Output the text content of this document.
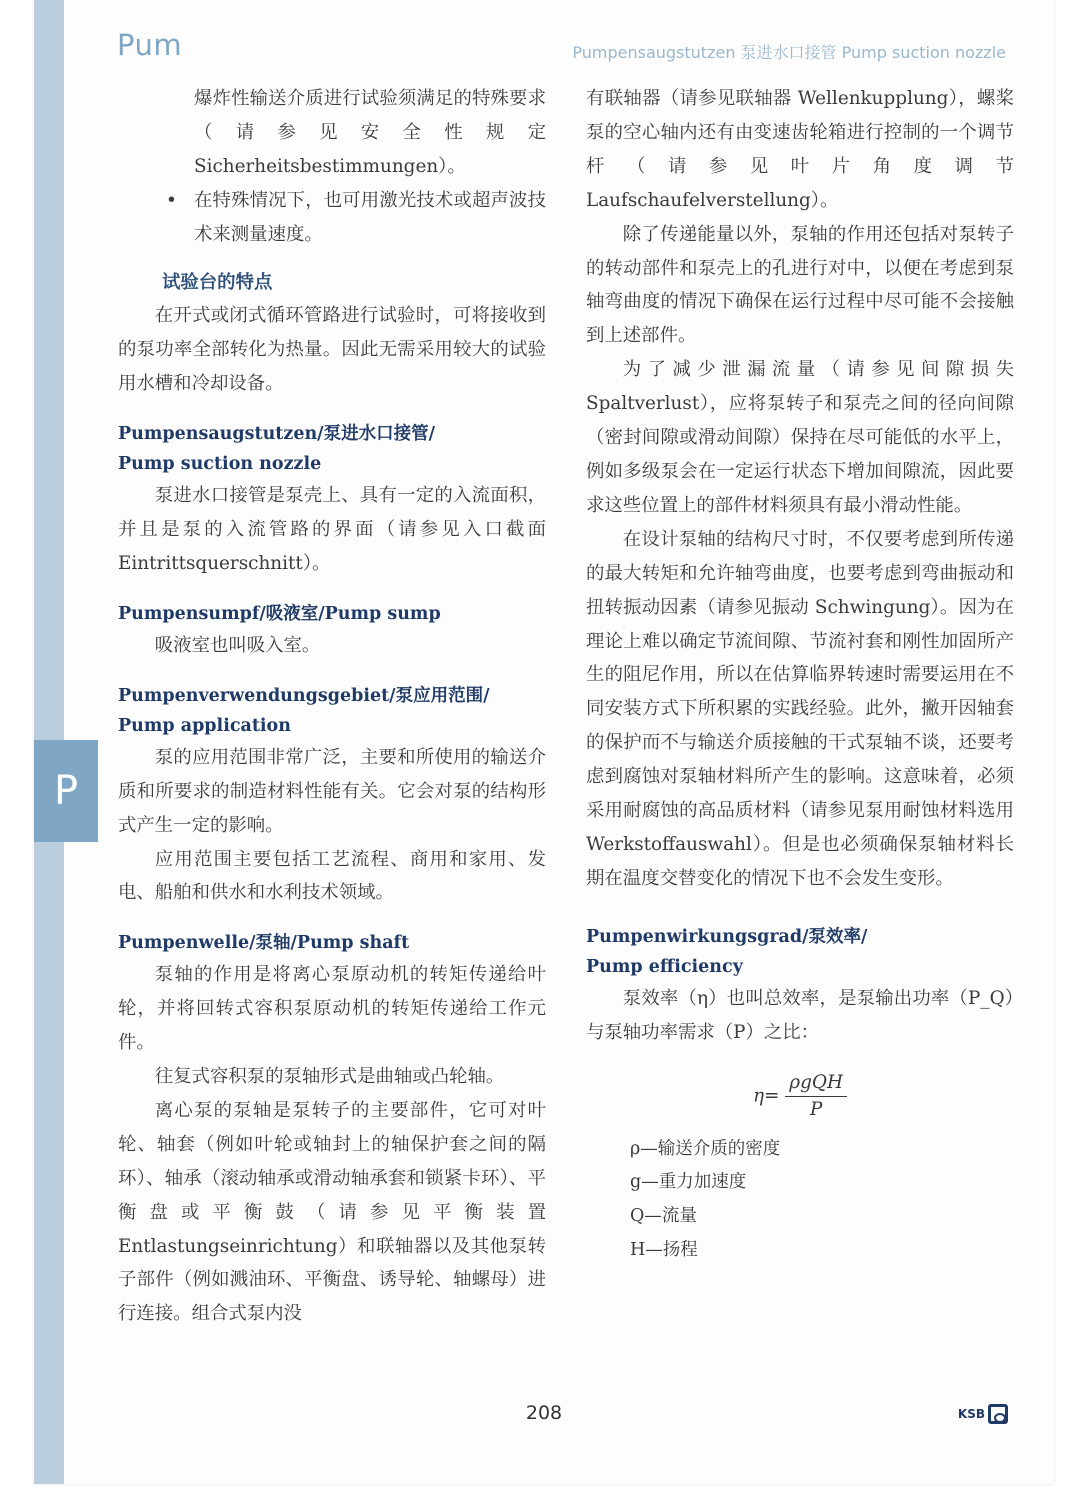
P
Pum	Pumpensaugstutzen 泵进水口接管 Pump suction nozzle

爆炸性输送介质进行试验须满足的特殊要求（请参见安全性规定 Sicherheitsbestimmungen）。

• 在特殊情况下，也可用激光技术或超声波技术来测量速度。
试验台的特点

在开式或闭式循环管路进行试验时，可将接收到的泵功率全部转化为热量。因此无需采用较大的试验用水槽和冷却设备。

Pumpensaugstutzen/泵进水口接管/
Pump suction nozzle

泵进水口接管是泵壳上、具有一定的入流面积，并且是泵的入流管路的界面（请参见入口截面 Eintrittsquerschnitt）。

Pumpensumpf/吸液室/Pump sump

吸液室也叫吸入室。

Pumpenverwendungsgebiet/泵应用范围/
Pump application

泵的应用范围非常广泛，主要和所使用的输送介质和所要求的制造材料性能有关。它会对泵的结构形式产生一定的影响。

应用范围主要包括工艺流程、商用和家用、发电、船舶和供水和水利技术领域。

Pumpenwelle/泵轴/Pump shaft

泵轴的作用是将离心泵原动机的转矩传递给叶轮，并将回转式容积泵原动机的转矩传递给工作元件。

往复式容积泵的泵轴形式是曲轴或凸轮轴。

离心泵的泵轴是泵转子的主要部件，它可对叶轮、轴套（例如叶轮或轴封上的轴保护套之间的隔环）、轴承（滚动轴承或滑动轴承套和锁紧卡环）、平衡盘或平衡鼓（请参见平衡装置 Entlastungseinrichtung）和联轴器以及其他泵转子部件（例如溅油环、平衡盘、诱导轮、轴螺母）进行连接。组合式泵内没

有联轴器（请参见联轴器 Wellenkupplung），螺桨泵的空心轴内还有由变速齿轮箱进行控制的一个调节杆（请参见叶片角度调节 Laufschaufelverstellung）。

除了传递能量以外，泵轴的作用还包括对泵转子的转动部件和泵壳上的孔进行对中，以便在考虑到泵轴弯曲度的情况下确保在运行过程中尽可能不会接触到上述部件。

为了减少泄漏流量（请参见间隙损失 Spaltverlust），应将泵转子和泵壳之间的径向间隙（密封间隙或滑动间隙）保持在尽可能低的水平上，例如多级泵会在一定运行状态下增加间隙流，因此要求这些位置上的部件材料须具有最小滑动性能。

在设计泵轴的结构尺寸时，不仅要考虑到所传递的最大转矩和允许轴弯曲度，也要考虑到弯曲振动和扭转振动因素（请参见振动 Schwingung）。因为在理论上难以确定节流间隙、节流衬套和刚性加固所产生的阻尼作用，所以在估算临界转速时需要运用在不同安装方式下所积累的实践经验。此外，撇开因轴套的保护而不与输送介质接触的干式泵轴不谈，还要考虑到腐蚀对泵轴材料所产生的影响。这意味着，必须采用耐腐蚀的高品质材料（请参见泵用耐蚀材料选用 Werkstoffauswahl）。但是也必须确保泵轴材料长期在温度交替变化的情况下也不会发生变形。

Pumpenwirkungsgrad/泵效率/
Pump efficiency

泵效率（η）也叫总效率，是泵输出功率（P_Q）与泵轴功率需求（P）之比：

$\eta= \frac{\text{ρgQH}}{P}$
ρ—输送介质的密度
g—重力加速度
Q—流量
H—扬程
208	KSB
